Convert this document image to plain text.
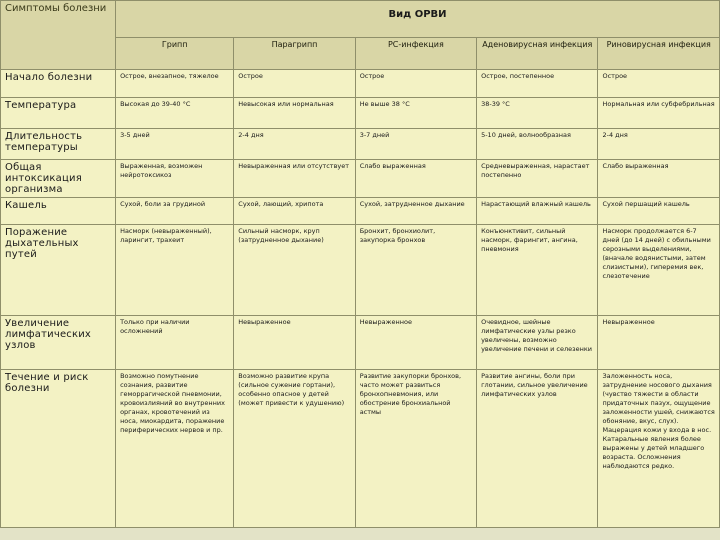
Симптомы болезни	Вид ОРВИ				
	Грипп	Парагрипп	PC-инфекция	Аденовирусная инфекция	Риновирусная инфекция
Начало болезни	Острое, внезапное, тяжелое	Острое	Острое	Острое, постепенное	Острое
Температура	Высокая до 39-40 °С	Невысокая или нормальная	Не выше 38 °С	38-39 °С	Нормальная или субфебрильная
Длительность температуры	3-5 дней	2-4 дня	3-7 дней	5-10 дней, волнообразная	2-4 дня
Общая интоксикация организма	Выраженная, возможен нейротоксикоз	Невыраженная или отсутствует	Слабо выраженная	Средневыраженная, нарастает постепенно	Слабо выраженная
Кашель	Сухой, боли за грудиной	Сухой, лающий, хрипота	Сухой, затрудненное дыхание	Нарастающий влажный кашель	Сухой першащий кашель
Поражение дыхательных путей	Насморк (невыраженный), ларингит, трахеит	Сильный насморк, круп (затрудненное дыхание)	Бронхит, бронхиолит, закупорка бронхов	Конъюнктивит, сильный насморк, фарингит, ангина, пневмония	Насморк продолжается 6-7 дней (до 14 дней) с обильными серозными выделениями, (вначале водянистыми, затем слизистыми), гиперемия век, слезотечение
Увеличение лимфатических узлов	Только при наличии осложнений	Невыраженное	Невыраженное	Очевидное, шейные лимфатические узлы резко увеличены, возможно увеличение печени и селезенки	Невыраженное
Течение и риск болезни	Возможно помутнение сознания, развитие геморрагической пневмонии, кровоизлияний во внутренних органах, кровотечений из носа, миокардита, поражение периферических нервов и пр.	Возможно развитие крупа (сильное сужение гортани), особенно опасное у детей (может привести к удушению)	Развитие закупорки бронхов, часто может развиться бронхопневмония, или обострение бронхиальной астмы	Развитие ангины, боли при глотании, сильное увеличение лимфатических узлов	Заложенность носа, затруднение носового дыхания (чувство тяжести в области придаточных пазух, ощущение заложенности ушей, снижаются обоняние, вкус, слух). Мацерация кожи у входа в нос. Катаральные явления более выражены у детей младшего возраста. Осложнения наблюдаются редко.
